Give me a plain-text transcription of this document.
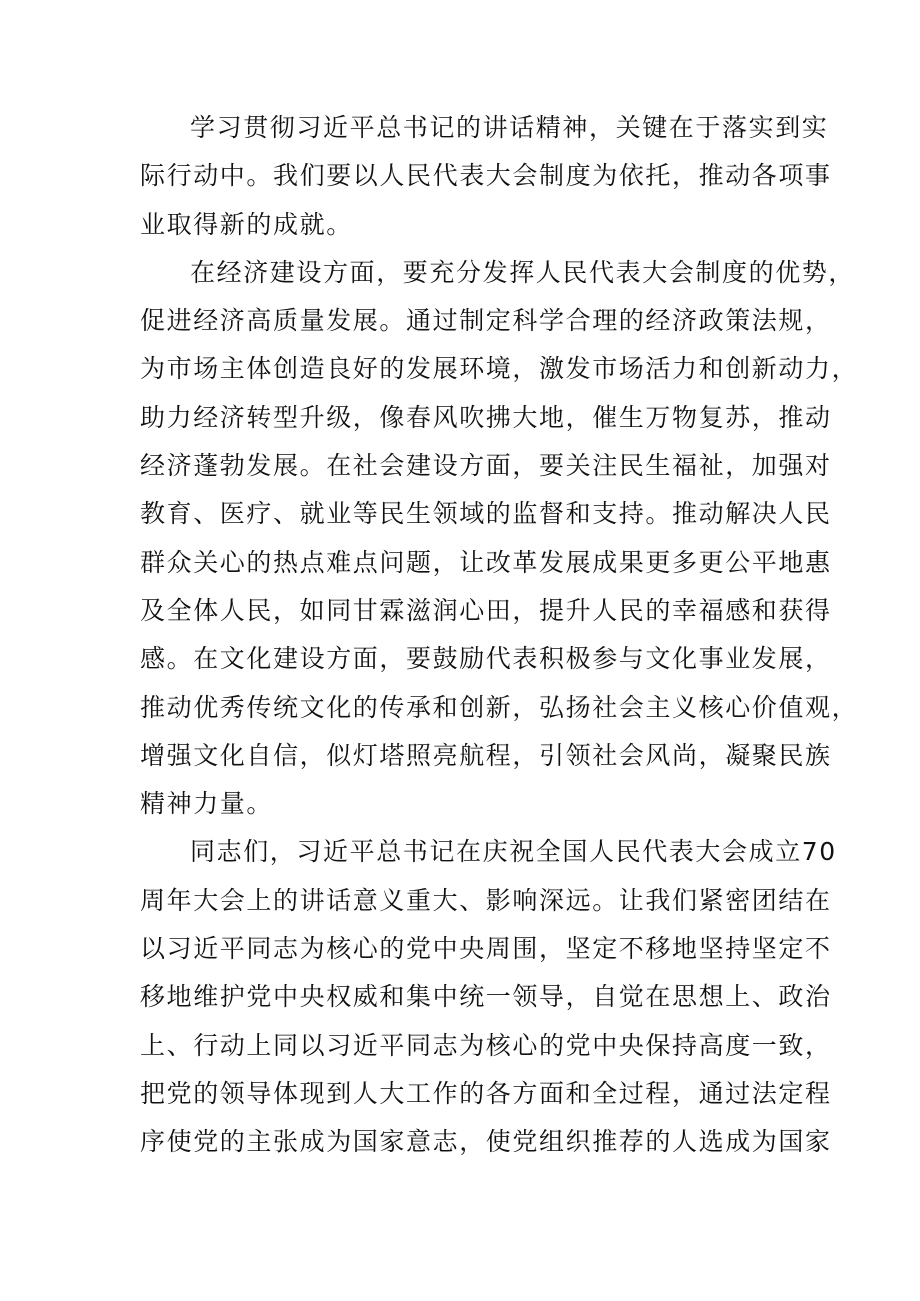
学习贯彻习近平总书记的讲话精神，关键在于落实到实
际行动中。我们要以人民代表大会制度为依托，推动各项事
业取得新的成就。
在经济建设方面，要充分发挥人民代表大会制度的优势，
促进经济高质量发展。通过制定科学合理的经济政策法规，
为市场主体创造良好的发展环境，激发市场活力和创新动力，
助力经济转型升级，像春风吹拂大地，催生万物复苏，推动
经济蓬勃发展。在社会建设方面，要关注民生福祉，加强对
教育、医疗、就业等民生领域的监督和支持。推动解决人民
群众关心的热点难点问题，让改革发展成果更多更公平地惠
及全体人民，如同甘霖滋润心田，提升人民的幸福感和获得
感。在文化建设方面，要鼓励代表积极参与文化事业发展，
推动优秀传统文化的传承和创新，弘扬社会主义核心价值观，
增强文化自信，似灯塔照亮航程，引领社会风尚，凝聚民族
精神力量。
同志们，习近平总书记在庆祝全国人民代表大会成立70
周年大会上的讲话意义重大、影响深远。让我们紧密团结在
以习近平同志为核心的党中央周围，坚定不移地坚持坚定不
移地维护党中央权威和集中统一领导，自觉在思想上、政治
上、行动上同以习近平同志为核心的党中央保持高度一致，
把党的领导体现到人大工作的各方面和全过程，通过法定程
序使党的主张成为国家意志，使党组织推荐的人选成为国家
